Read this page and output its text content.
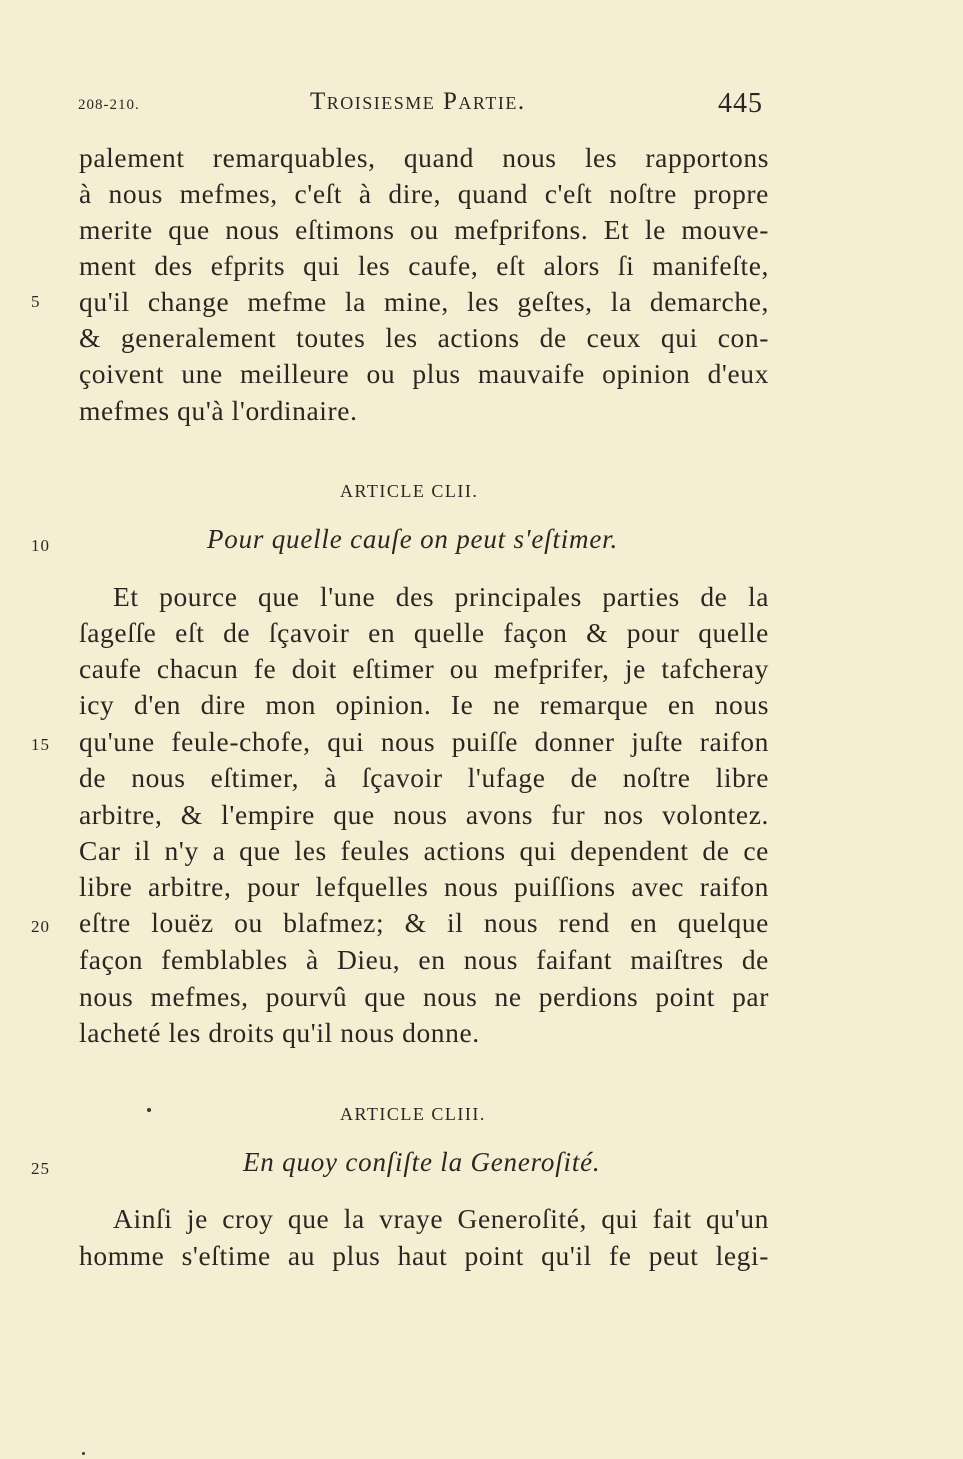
208-210.	Troisiesme Partie.	445
palement remarquables, quand nous les rapportons
à nous mefmes, c'eſt à dire, quand c'eſt noſtre propre
merite que nous eſtimons ou mefprifons. Et le mouve-
ment des efprits qui les caufe, eſt alors ſi manifeſte,
qu'il change mefme la mine, les geſtes, la demarche,
& generalement toutes les actions de ceux qui con-
çoivent une meilleure ou plus mauvaife opinion d'eux
mefmes qu'à l'ordinaire.
5
ARTICLE CLII.
Pour quelle cauſe on peut s'eſtimer.
10
Et pource que l'une des principales parties de la
ſageſſe eſt de ſçavoir en quelle façon & pour quelle
caufe chacun fe doit eſtimer ou mefprifer, je tafcheray
icy d'en dire mon opinion. Ie ne remarque en nous
qu'une feule-chofe, qui nous puiſſe donner juſte raifon
de nous eſtimer, à ſçavoir l'ufage de noſtre libre
arbitre, & l'empire que nous avons fur nos volontez.
Car il n'y a que les feules actions qui dependent de ce
libre arbitre, pour lefquelles nous puiſſions avec raifon
eſtre louëz ou blafmez; & il nous rend en quelque
façon femblables à Dieu, en nous faifant maiſtres de
nous mefmes, pourvû que nous ne perdions point par
lacheté les droits qu'il nous donne.
15
20
ARTICLE CLIII.
En quoy conſiſte la Generoſité.
25
Ainſi je croy que la vraye Generoſité, qui fait qu'un
homme s'eſtime au plus haut point qu'il fe peut legi-
